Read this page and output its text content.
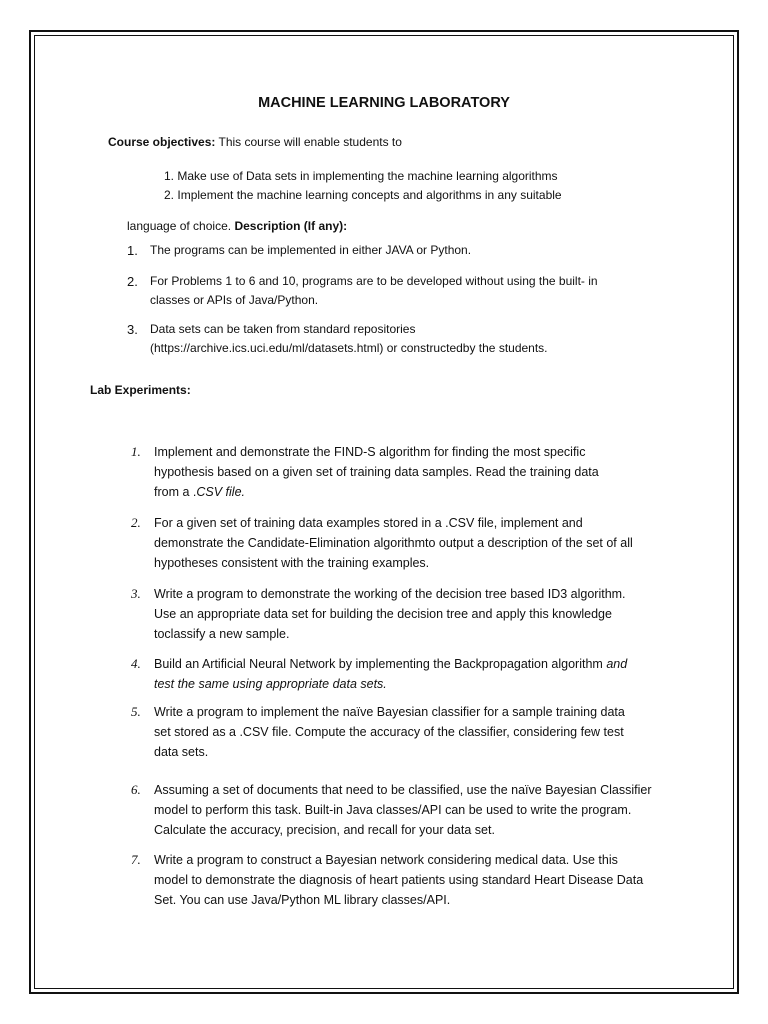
MACHINE LEARNING LABORATORY
Course objectives: This course will enable students to
1. Make use of Data sets in implementing the machine learning algorithms
2. Implement the machine learning concepts and algorithms in any suitable
language of choice. Description (If any):
1. The programs can be implemented in either JAVA or Python.
2. For Problems 1 to 6 and 10, programs are to be developed without using the built- in
classes or APIs of Java/Python.
3. Data sets can be taken from standard repositories
(https://archive.ics.uci.edu/ml/datasets.html) or constructedby the students.
Lab Experiments:
1. Implement and demonstrate the FIND-S algorithm for finding the most specific
hypothesis based on a given set of training data samples. Read the training data
from a .CSV file.
2. For a given set of training data examples stored in a .CSV file, implement and
demonstrate the Candidate-Elimination algorithmto output a description of the set of all
hypotheses consistent with the training examples.
3. Write a program to demonstrate the working of the decision tree based ID3 algorithm.
Use an appropriate data set for building the decision tree and apply this knowledge
toclassify a new sample.
4. Build an Artificial Neural Network by implementing the Backpropagation algorithm and
test the same using appropriate data sets.
5. Write a program to implement the naïve Bayesian classifier for a sample training data
set stored as a .CSV file. Compute the accuracy of the classifier, considering few test
data sets.
6. Assuming a set of documents that need to be classified, use the naïve Bayesian Classifier
model to perform this task. Built-in Java classes/API can be used to write the program.
Calculate the accuracy, precision, and recall for your data set.
7. Write a program to construct a Bayesian network considering medical data. Use this
model to demonstrate the diagnosis of heart patients using standard Heart Disease Data
Set. You can use Java/Python ML library classes/API.
